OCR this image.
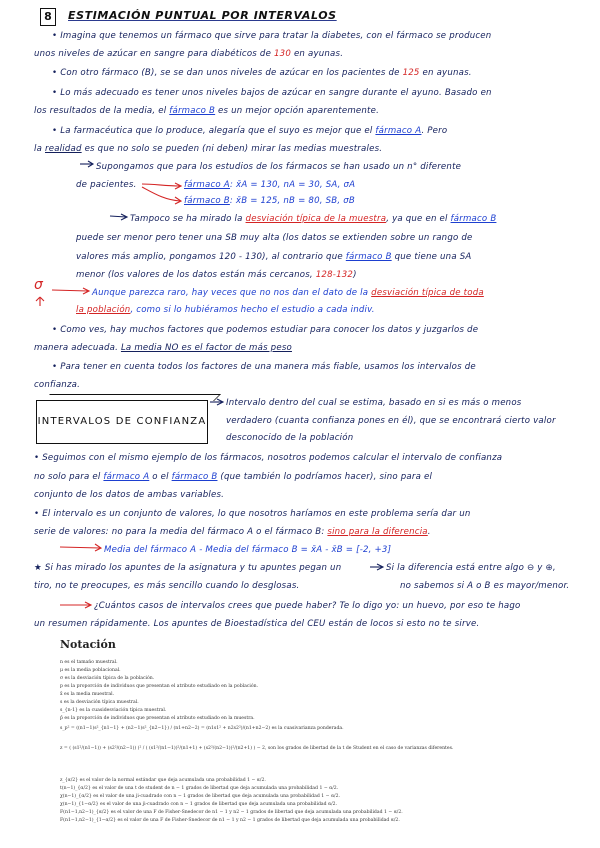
8	ESTIMACIÓN PUNTUAL POR INTERVALOS
• Imagina que tenemos un fármaco que sirve para tratar la diabetes, con el fármaco se producen
unos niveles de azúcar en sangre para diabéticos de 130 en ayunas.
• Con otro fármaco (B), se se dan unos niveles de azúcar en los pacientes de 125 en ayunas.
• Lo más adecuado es tener unos niveles bajos de azúcar en sangre durante el ayuno. Basado en
los resultados de la media, el fármaco B es un mejor opción aparentemente.
• La farmacéutica que lo produce, alegaría que el suyo es mejor que el fármaco A. Pero
la realidad es que no solo se pueden (ni deben) mirar las medias muestrales.
Supongamos que para los estudios de los fármacos se han usado un n° diferente
de pacientes.	fármaco A: x̄A = 130, nA = 30, SA, σA
fármaco B: x̄B = 125, nB = 80, SB, σB
Tampoco se ha mirado la desviación típica de la muestra, ya que en el fármaco B
puede ser menor pero tener una SB muy alta (los datos se extienden sobre un rango de
valores más amplio, pongamos 120 - 130), al contrario que fármaco B que tiene una SA
menor (los valores de los datos están más cercanos, 128-132)
σ	Aunque parezca raro, hay veces que no nos dan el dato de la desviación típica de toda
la población, como si lo hubiéramos hecho el estudio a cada indiv.
• Como ves, hay muchos factores que podemos estudiar para conocer los datos y juzgarlos de
manera adecuada. La media NO es el factor de más peso
• Para tener en cuenta todos los factores de una manera más fiable, usamos los intervalos de
confianza.
INTERVALOS DE CONFIANZA
Intervalo dentro del cual se estima, basado en si es más o menos
verdadero (cuanta confianza pones en él), que se encontrará cierto valor
desconocido de la población
• Seguimos con el mismo ejemplo de los fármacos, nosotros podemos calcular el intervalo de confianza
no solo para el fármaco A o el fármaco B (que también lo podríamos hacer), sino para el
conjunto de los datos de ambas variables.
• El intervalo es un conjunto de valores, lo que nosotros haríamos en este problema sería dar un
serie de valores: no para la media del fármaco A o el fármaco B: sino para la diferencia.
Media del fármaco A - Media del fármaco B = x̄A - x̄B = [-2, +3]
★ Si has mirado los apuntes de la asignatura y tu apuntes pegan un	Si la diferencia está entre algo ⊖ y ⊕,
tiro, no te preocupes, es más sencillo cuando lo desglosas.	no sabemos si A o B es mayor/menor.
¿Cuántos casos de intervalos crees que puede haber? Te lo digo yo: un huevo, por eso te hago
un resumen rápidamente. Los apuntes de Bioestadística del CEU están de locos si esto no te sirve.
Notación
n es el tamaño muestral.
μ es la media poblacional.
σ es la desviación típica de la población.
p es la proporción de individuos que presentan el atributo estudiado en la población.
x̄ es la media muestral.
s es la desviación típica muestral.
s_{n-1} es la cuasidesviación típica muestral.
p̂ es la proporción de individuos que presentan el atributo estudiado en la muestra.
s_p² = ((n1−1)s²_{n1−1} + (n2−1)s²_{n2−1}) / (n1+n2−2) = (n1s1² + n2s2²)/(n1+n2−2) es la cuasivarianza ponderada.
z = ( (s1²/(n1−1)) + (s2²/(n2−1)) )² / ( (s1²/(n1−1))²/(n1+1) + (s2²/(n2−1))²/(n2+1) ) − 2, son los grados de libertad de la t de Student en el caso de varianzas diferentes.
z_{α/2} es el valor de la normal estándar que deja acumulada una probabilidad 1 − α/2.
t(n−1)_{α/2} es el valor de una t de student de n − 1 grados de libertad que deja acumulada una probabilidad 1 − α/2.
χ(n−1)_{α/2} es el valor de una ji-cuadrado con n − 1 grados de libertad que deja acumulada una probabilidad 1 − α/2.
χ(n−1)_{1−α/2} es el valor de una ji-cuadrado con n − 1 grados de libertad que deja acumulada una probabilidad α/2.
F(n1−1,n2−1)_{α/2} es el valor de una F de Fisher-Snedecor de n1 − 1 y n2 − 1 grados de libertad que deja acumulada una probabilidad 1 − α/2.
F(n1−1,n2−1)_{1−α/2} es el valor de una F de Fisher-Snedecor de n1 − 1 y n2 − 1 grados de libertad que deja acumulada una probabilidad α/2.
